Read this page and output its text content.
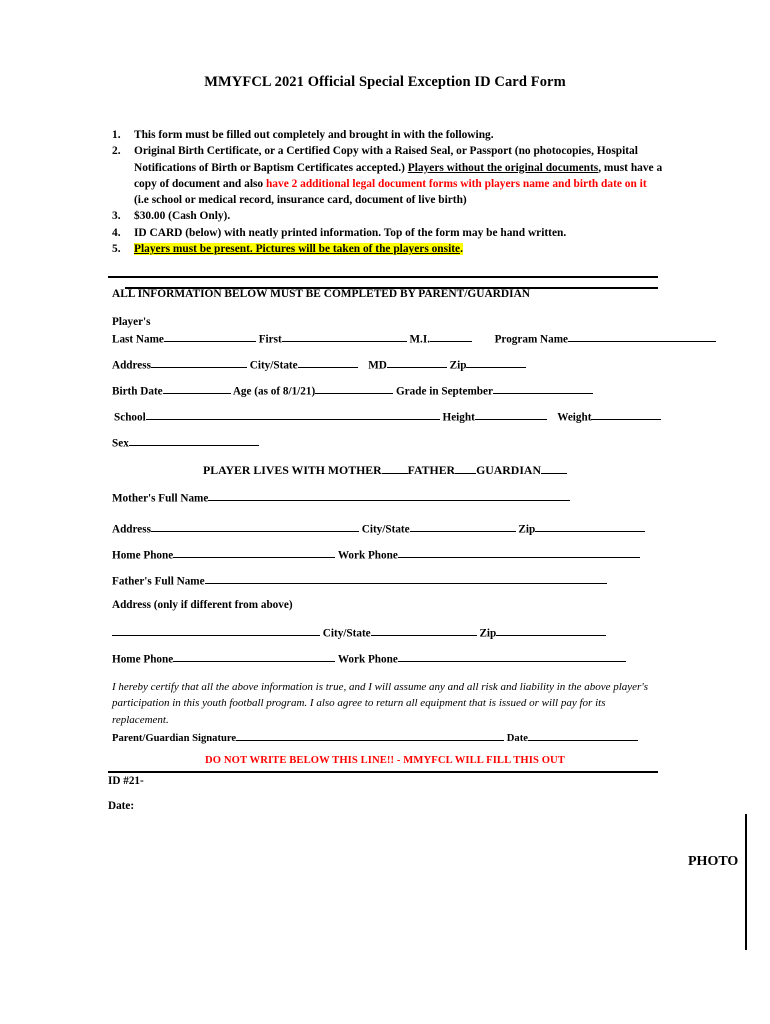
MMYFCL 2021 Official Special Exception ID Card Form
1.	This form must be filled out completely and brought in with the following.
2.	Original Birth Certificate, or a Certified Copy with a Raised Seal, or Passport (no photocopies, Hospital Notifications of Birth or Baptism Certificates accepted.) Players without the original documents, must have a copy of document and also have 2 additional legal document forms with players name and birth date on it (i.e school or medical record, insurance card, document of live birth)
3.	$30.00 (Cash Only).
4.	ID CARD (below) with neatly printed information. Top of the form may be hand written.
5.	Players must be present. Pictures will be taken of the players onsite.
ALL INFORMATION BELOW MUST BE COMPLETED BY PARENT/GUARDIAN
Player's
Last Name	First	M.I.	Program Name
Address	City/State	MD	Zip
Birth Date	Age (as of 8/1/21)	Grade in September
School	Height	Weight
Sex
PLAYER LIVES WITH MOTHER FATHER GUARDIAN
Mother's Full Name
Address	City/State	Zip
Home Phone	Work Phone
Father's Full Name
Address (only if different from above)
City/State	Zip
Home Phone	Work Phone
I hereby certify that all the above information is true, and I will assume any and all risk and liability in the above player's participation in this youth football program. I also agree to return all equipment that is issued or will pay for its replacement.
Parent/Guardian Signature	Date
DO NOT WRITE BELOW THIS LINE!! - MMYFCL WILL FILL THIS OUT
ID #21-
Date:
PHOTO
